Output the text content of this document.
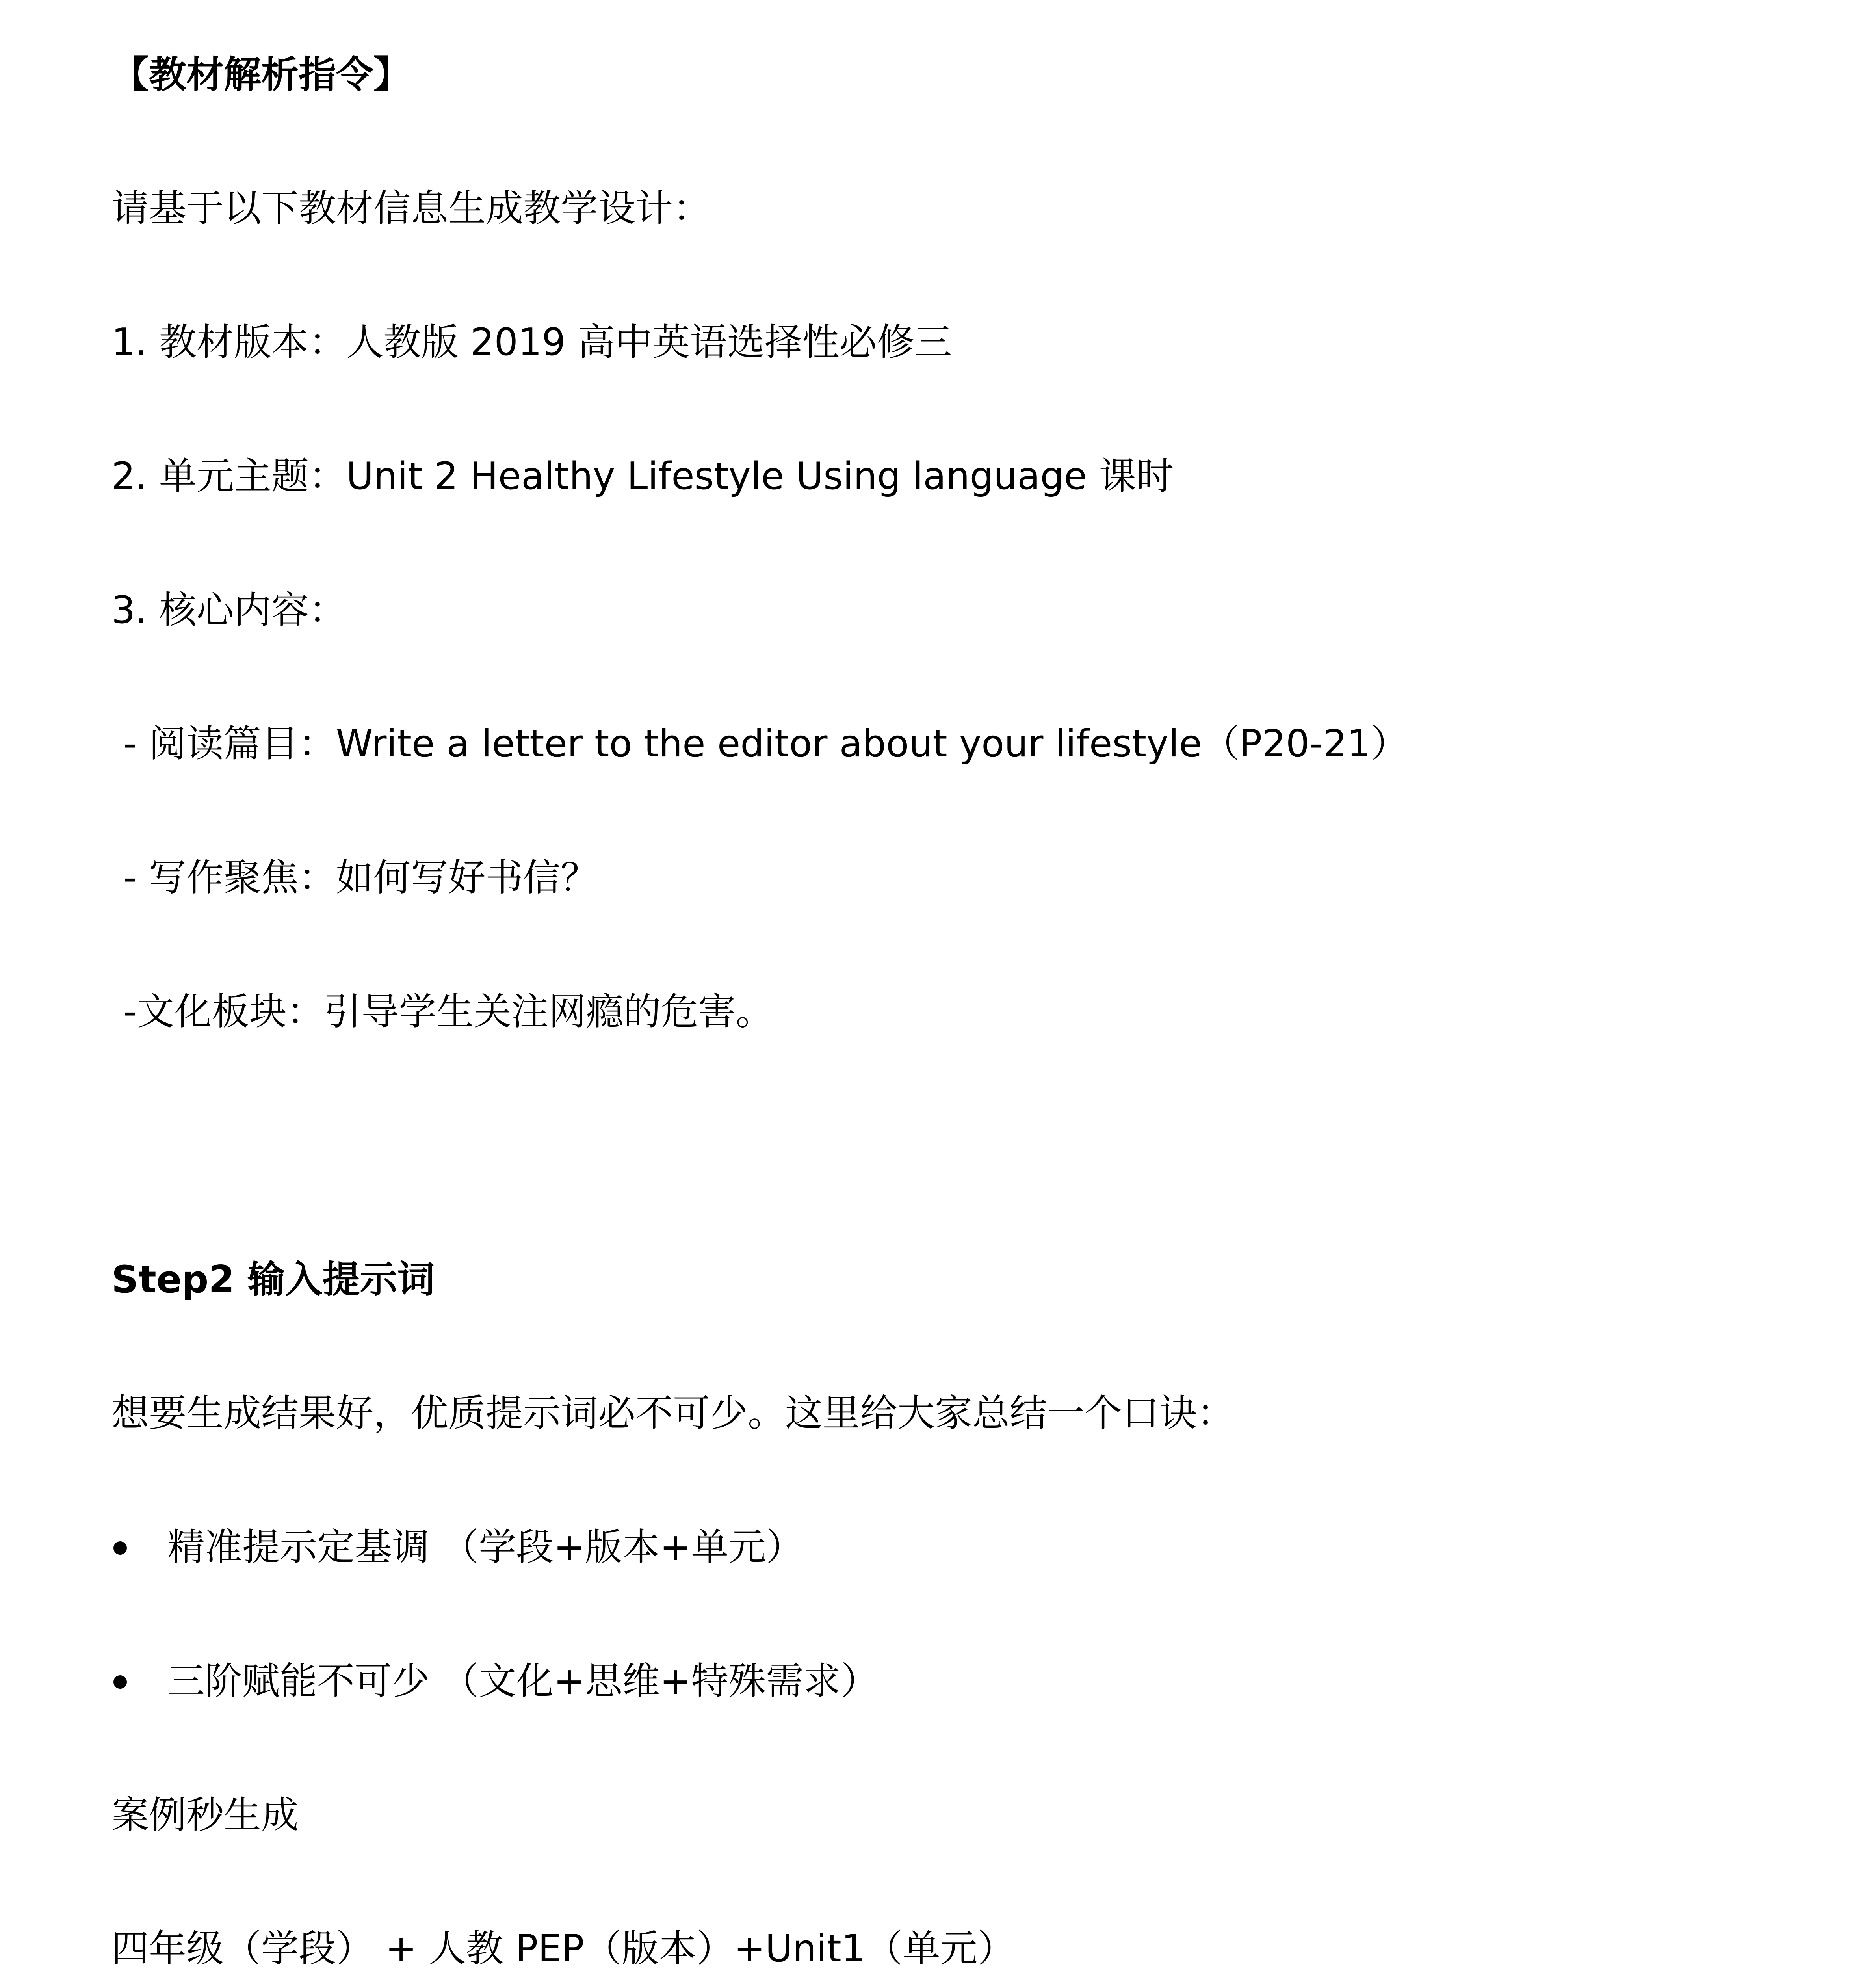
【教材解析指令】

请基于以下教材信息生成教学设计：

1. 教材版本：人教版 2019 高中英语选择性必修三

2. 单元主题：Unit 2 Healthy Lifestyle Using language 课时

3. 核心内容：

- 阅读篇目：Write a letter to the editor about your lifestyle（P20-21）

- 写作聚焦：如何写好书信？

-文化板块：引导学生关注网瘾的危害。

Step2 输入提示词

想要生成结果好，优质提示词必不可少。这里给大家总结一个口诀：

精准提示定基调 （学段+版本+单元）
三阶赋能不可少 （文化+思维+特殊需求）

案例秒生成

四年级（学段） + 人教 PEP（版本）+Unit1（单元）
